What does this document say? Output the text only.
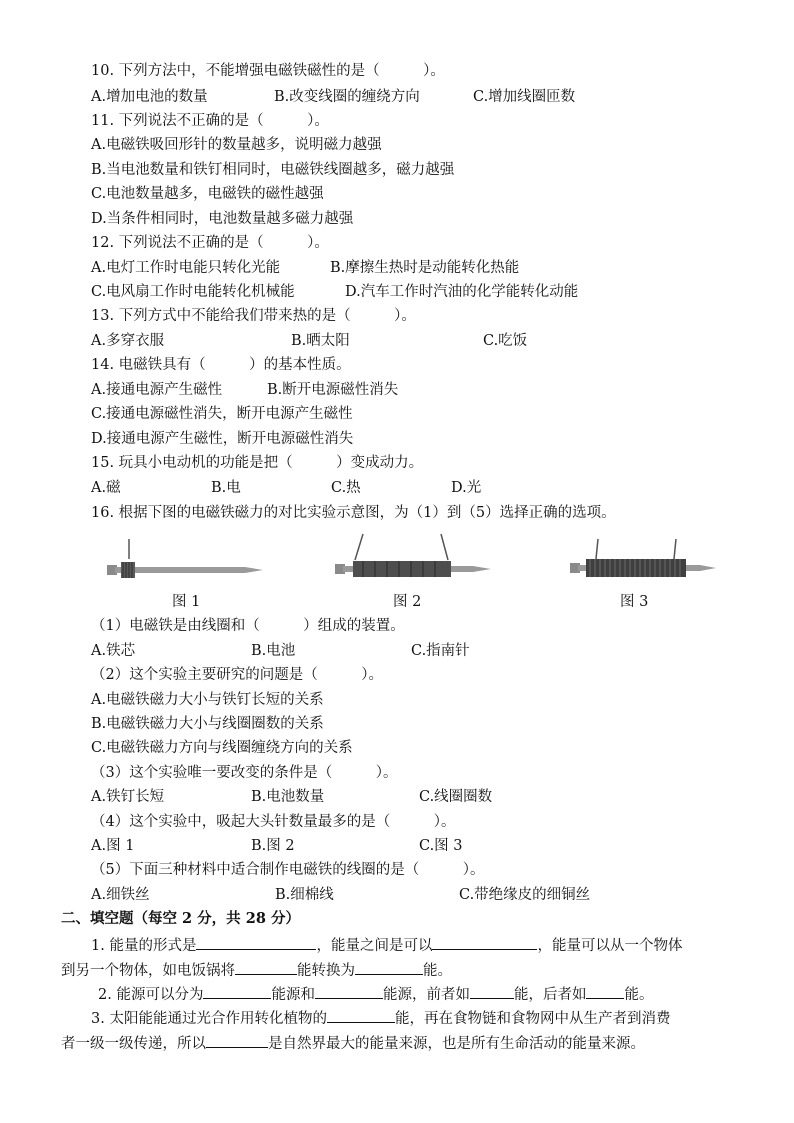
10. 下列方法中，不能增强电磁铁磁性的是（　　　）。
A.增加电池的数量	B.改变线圈的缠绕方向	C.增加线圈匝数
11. 下列说法不正确的是（　　　）。
A.电磁铁吸回形针的数量越多，说明磁力越强
B.当电池数量和铁钉相同时，电磁铁线圈越多，磁力越强
C.电池数量越多，电磁铁的磁性越强
D.当条件相同时，电池数量越多磁力越强
12. 下列说法不正确的是（　　　）。
A.电灯工作时电能只转化光能	B.摩擦生热时是动能转化热能
C.电风扇工作时电能转化机械能	D.汽车工作时汽油的化学能转化动能
13. 下列方式中不能给我们带来热的是（　　　）。
A.多穿衣服	B.晒太阳	C.吃饭
14. 电磁铁具有（　　　）的基本性质。
A.接通电源产生磁性	B.断开电源磁性消失
C.接通电源磁性消失，断开电源产生磁性
D.接通电源产生磁性，断开电源磁性消失
15. 玩具小电动机的功能是把（　　　）变成动力。
A.磁	B.电	C.热	D.光
16. 根据下图的电磁铁磁力的对比实验示意图，为（1）到（5）选择正确的选项。
图 1	图 2	图 3
（1）电磁铁是由线圈和（　　　）组成的装置。
A.铁芯	B.电池	C.指南针
（2）这个实验主要研究的问题是（　　　）。
A.电磁铁磁力大小与铁钉长短的关系
B.电磁铁磁力大小与线圈圈数的关系
C.电磁铁磁力方向与线圈缠绕方向的关系
（3）这个实验唯一要改变的条件是（　　　）。
A.铁钉长短	B.电池数量	C.线圈圈数
（4）这个实验中，吸起大头针数量最多的是（　　　）。
A.图 1	B.图 2	C.图 3
（5）下面三种材料中适合制作电磁铁的线圈的是（　　　）。
A.细铁丝	B.细棉线	C.带绝缘皮的细铜丝
二、填空题（每空 2 分，共 28 分）
1. 能量的形式是	，能量之间是可以	，能量可以从一个物体
到另一个物体，如电饭锅将	能转换为	能。
2. 能源可以分为	能源和	能源，前者如	能，后者如	能。
3. 太阳能能通过光合作用转化植物的	能，再在食物链和食物网中从生产者到消费
者一级一级传递，所以	是自然界最大的能量来源，也是所有生命活动的能量来源。
